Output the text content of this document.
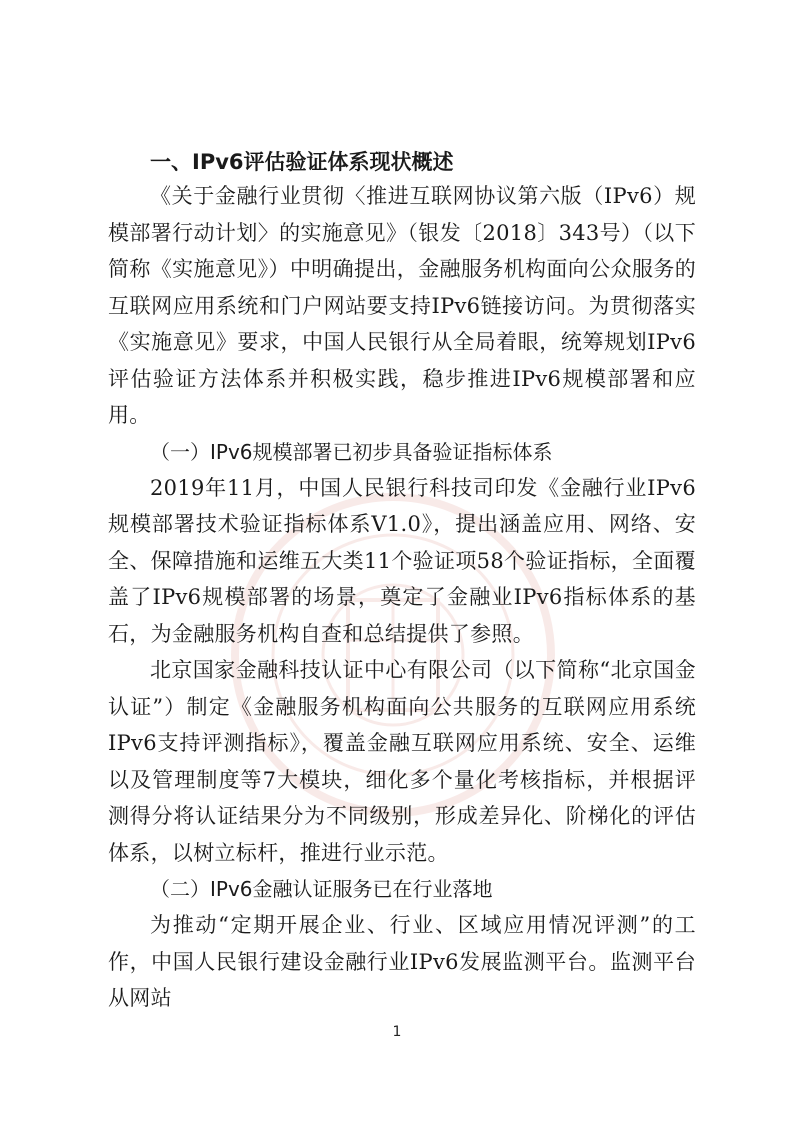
一、IPv6评估验证体系现状概述

《关于金融行业贯彻〈推进互联网协议第六版（IPv6）规模部署行动计划〉的实施意见》（银发〔2018〕343号）（以下简称《实施意见》）中明确提出，金融服务机构面向公众服务的互联网应用系统和门户网站要支持IPv6链接访问。为贯彻落实《实施意见》要求，中国人民银行从全局着眼，统筹规划IPv6评估验证方法体系并积极实践，稳步推进IPv6规模部署和应用。

（一）IPv6规模部署已初步具备验证指标体系

2019年11月，中国人民银行科技司印发《金融行业IPv6规模部署技术验证指标体系V1.0》，提出涵盖应用、网络、安全、保障措施和运维五大类11个验证项58个验证指标，全面覆盖了IPv6规模部署的场景，奠定了金融业IPv6指标体系的基石，为金融服务机构自查和总结提供了参照。

北京国家金融科技认证中心有限公司（以下简称“北京国金认证”）制定《金融服务机构面向公共服务的互联网应用系统IPv6支持评测指标》，覆盖金融互联网应用系统、安全、运维以及管理制度等7大模块，细化多个量化考核指标，并根据评测得分将认证结果分为不同级别，形成差异化、阶梯化的评估体系，以树立标杆，推进行业示范。

（二）IPv6金融认证服务已在行业落地

为推动“定期开展企业、行业、区域应用情况评测”的工作，中国人民银行建设金融行业IPv6发展监测平台。监测平台从网站

1
